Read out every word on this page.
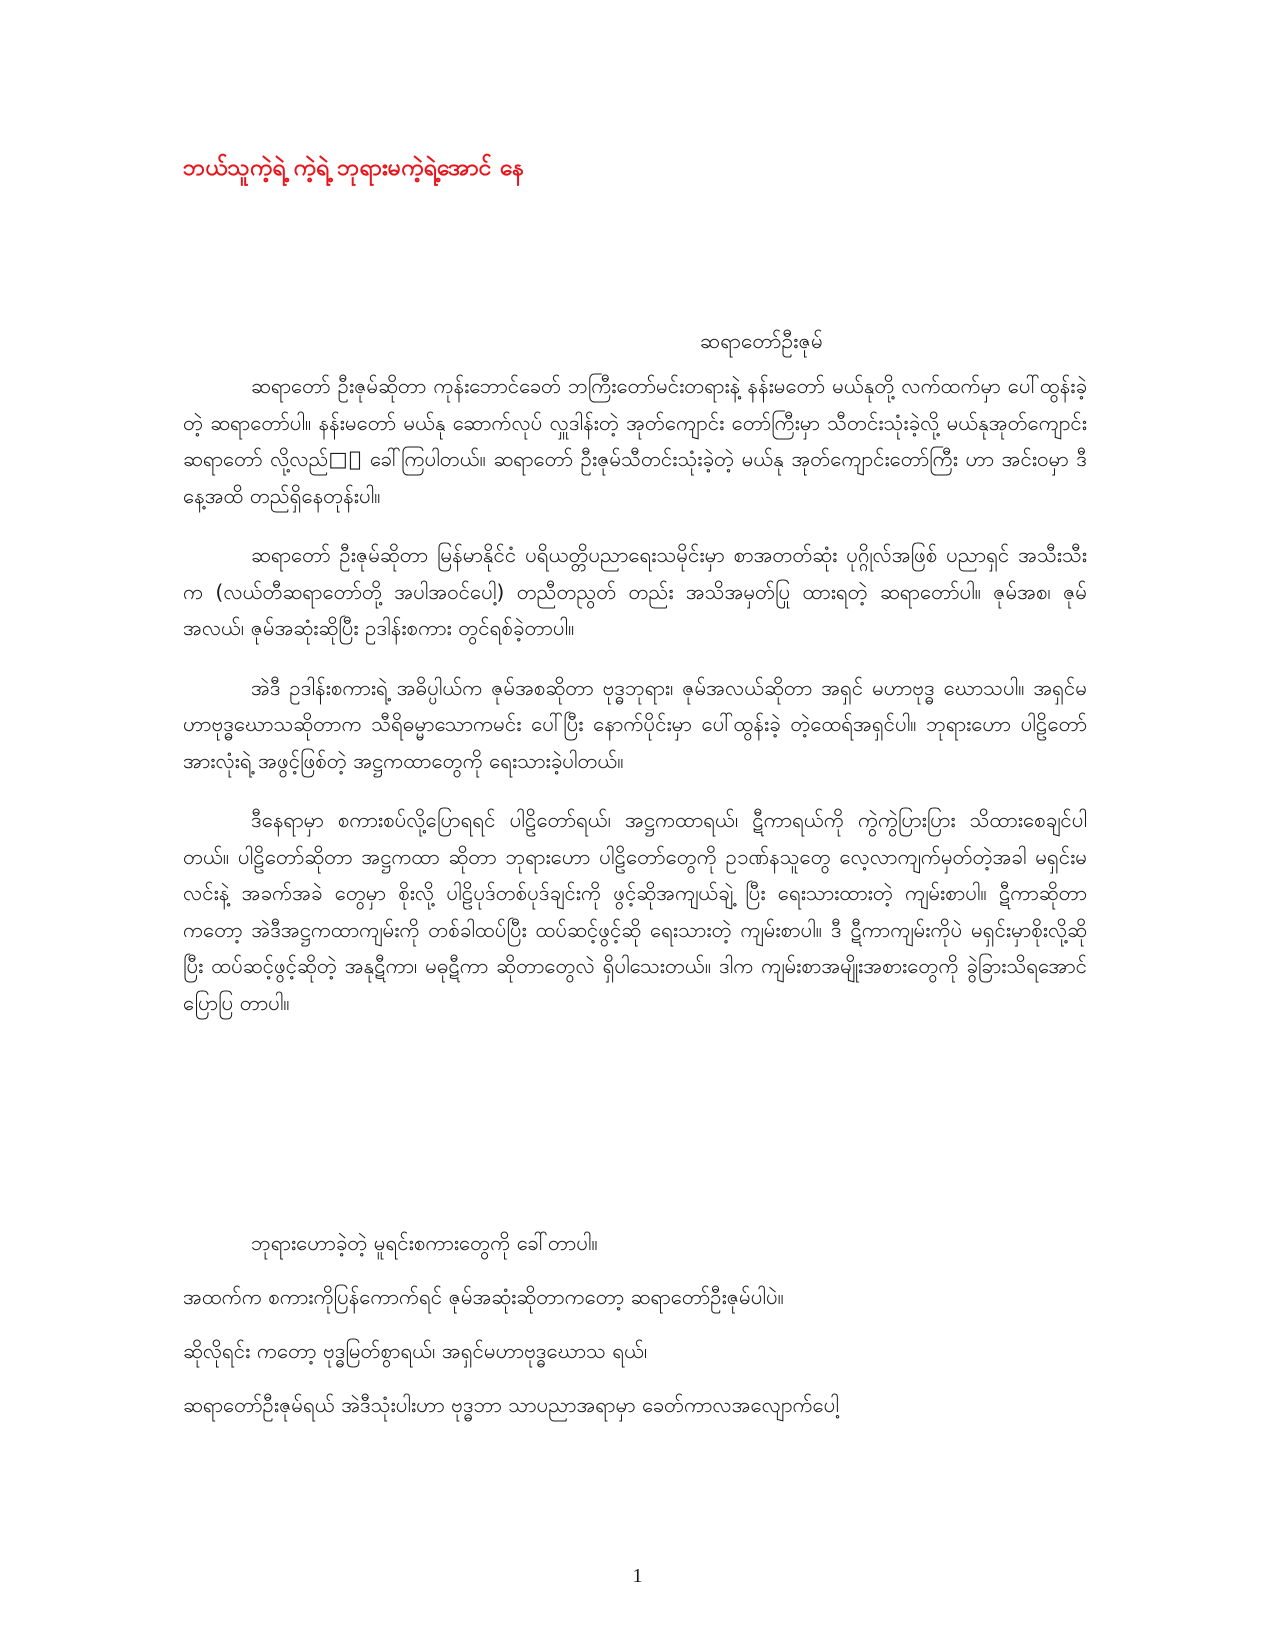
ဘယ်သူကဲ့ရဲ့ ကဲ့ရဲ့ ဘုရားမကဲ့ရဲ့အောင် နေ
ဆရာတော်ဦးဇုမ်

ဆရာတော် ဦးဇုမ်ဆိုတာ ကုန်းဘောင်ခေတ် ဘကြီးတော်မင်းတရားနဲ့ နန်းမတော် မယ်နုတို့ လက်ထက်မှာ ပေါ်ထွန်းခဲ့တဲ့ ဆရာတော်ပါ။ နန်းမတော် မယ်နု ဆောက်လုပ် လှူဒါန်းတဲ့ အုတ်ကျောင်း တော်ကြီးမှာ သီတင်းသုံးခဲ့လို့ မယ်နုအုတ်ကျောင်း ဆရာတော် လို့လည်□း ခေါ်ကြပါတယ်။ ဆရာတော် ဦးဇုမ်သီတင်းသုံးခဲ့တဲ့ မယ်နု အုတ်ကျောင်းတော်ကြီး ဟာ အင်းဝမှာ ဒီနေ့အထိ တည်ရှိနေတုန်းပါ။

ဆရာတော် ဦးဇုမ်ဆိုတာ မြန်မာနိုင်ငံ ပရိယတ္တိပညာရေးသမိုင်းမှာ စာအတတ်ဆုံး ပုဂ္ဂိုလ်အဖြစ် ပညာရှင် အသီးသီးက (လယ်တီဆရာတော်တို့ အပါအဝင်ပေါ့) တညီတညွတ် တည်း အသိအမှတ်ပြု ထားရတဲ့ ဆရာတော်ပါ။ ဇုမ်အစ၊ ဇုမ်အလယ်၊ ဇုမ်အဆုံးဆိုပြီး ဥဒါန်းစကား တွင်ရစ်ခဲ့တာပါ။

အဲဒီ ဥဒါန်းစကားရဲ့ အဓိပ္ပါယ်က ဇုမ်အစဆိုတာ ဗုဒ္ဓဘုရား၊ ဇုမ်အလယ်ဆိုတာ အရှင် မဟာဗုဒ္ဓ ဃောသပါ။ အရှင်မဟာဗုဒ္ဓဃောသဆိုတာက သီရိဓမ္မာသောကမင်း ပေါ်ပြီး နောက်ပိုင်းမှာ ပေါ်ထွန်းခဲ့ တဲ့ထေရ်အရှင်ပါ။ ဘုရားဟော ပါဠိတော် အားလုံးရဲ့ အဖွင့်ဖြစ်တဲ့ အဋ္ဌကထာတွေကို ရေးသားခဲ့ပါတယ်။

ဒီနေရာမှာ စကားစပ်လို့ပြောရရင် ပါဠိတော်ရယ်၊ အဋ္ဌကထာရယ်၊ ဋီကာရယ်ကို ကွဲကွဲပြားပြား သိထားစေချင်ပါတယ်။ ပါဠိတော်ဆိုတာ အဋ္ဌကထာ ဆိုတာ ဘုရားဟော ပါဠိတော်တွေကို ဥ၁ဏ်နသူတွေ လေ့လာကျက်မှတ်တဲ့အခါ မရှင်းမလင်းနဲ့ အခက်အခဲ တွေမှာ စိုးလို့ ပါဠိပုဒ်တစ်ပုဒ်ချင်းကို ဖွင့်ဆိုအကျယ်ချဲ့ ပြီး ရေးသားထားတဲ့ ကျမ်းစာပါ။ ဋီကာဆိုတာကတော့ အဲဒီအဋ္ဌကထာကျမ်းကို တစ်ခါထပ်ပြီး ထပ်ဆင့်ဖွင့်ဆို ရေးသားတဲ့ ကျမ်းစာပါ။ ဒီ ဋီကာကျမ်းကိုပဲ မရှင်းမှာစိုးလို့ဆိုပြီး ထပ်ဆင့်ဖွင့်ဆိုတဲ့ အနုဋီကာ၊ မဓုဋီကာ ဆိုတာတွေလဲ ရှိပါသေးတယ်။ ဒါက ကျမ်းစာအမျိုးအစားတွေကို ခွဲခြားသိရအောင် ပြောပြ တာပါ။

ဘုရားဟောခဲ့တဲ့ မူရင်းစကားတွေကို ခေါ်တာပါ။

အထက်က စကားကိုပြန်ကောက်ရင် ဇုမ်အဆုံးဆိုတာကတော့ ဆရာတော်ဦးဇုမ်ပါပဲ။

ဆိုလိုရင်း ကတော့ ဗုဒ္ဓမြတ်စွာရယ်၊ အရှင်မဟာဗုဒ္ဓဃောသ ရယ်၊

ဆရာတော်ဦးဇုမ်ရယ် အဲဒီသုံးပါးဟာ ဗုဒ္ဓဘာ သာပညာအရာမှာ ခေတ်ကာလအလျောက်ပေါ့

1
